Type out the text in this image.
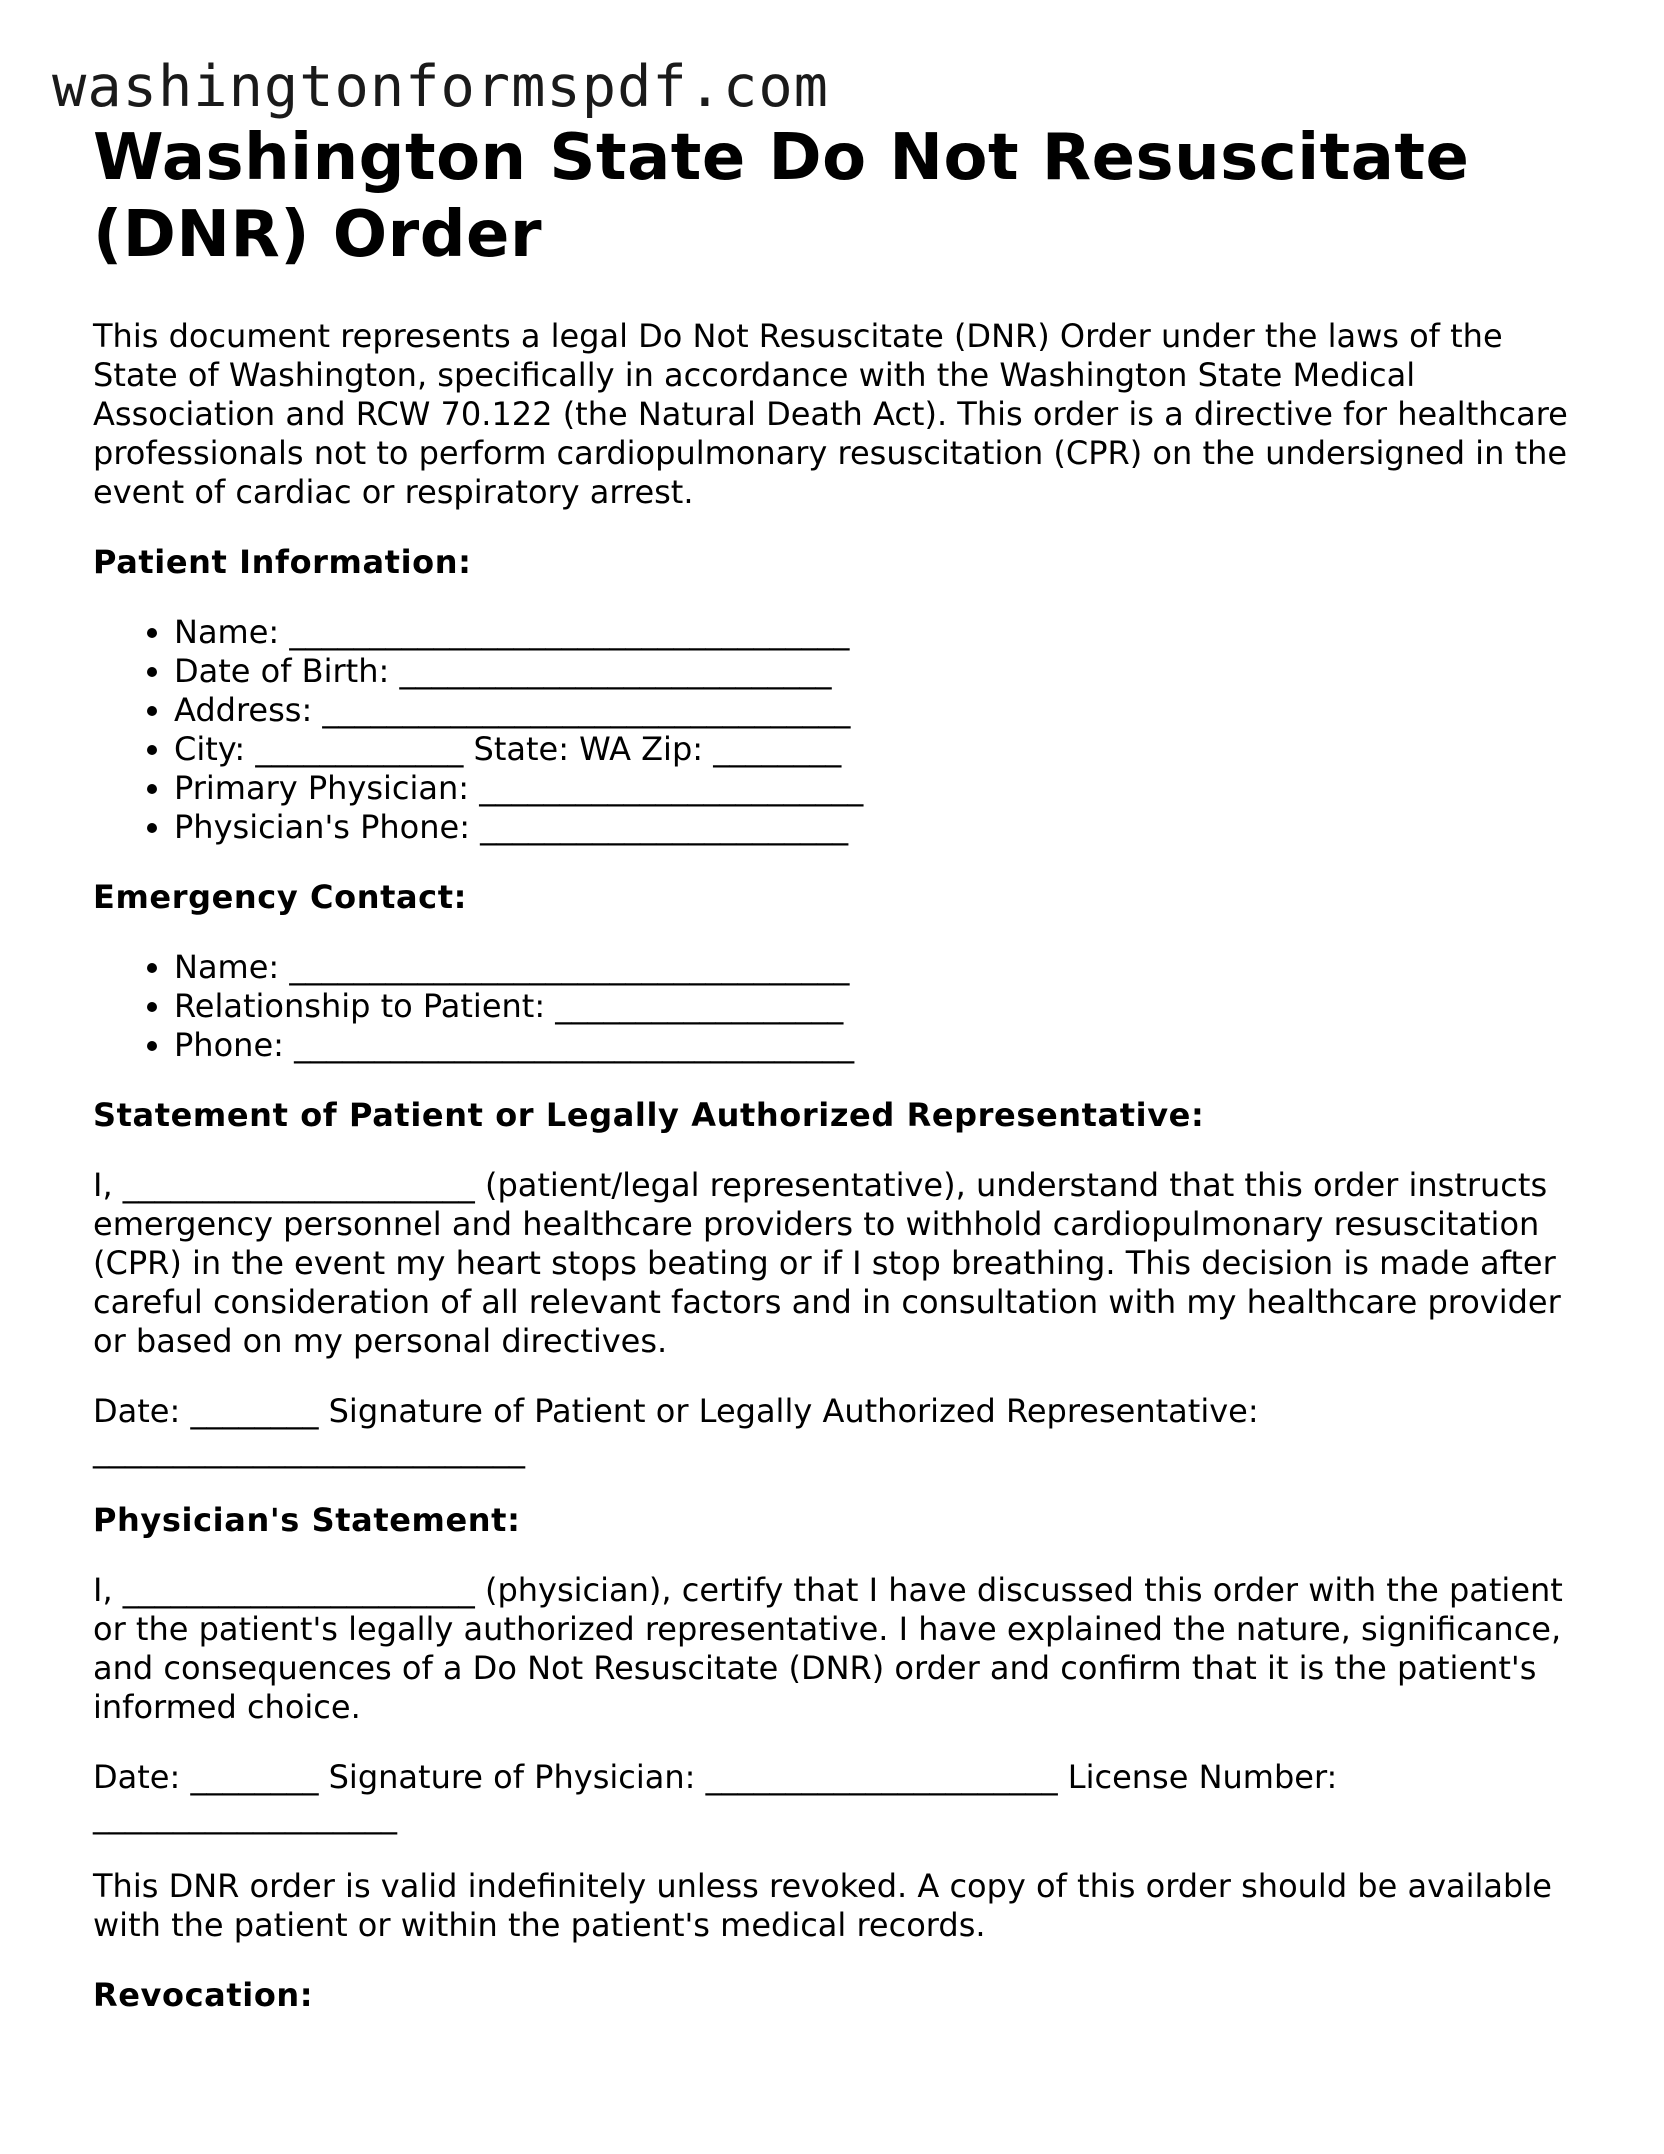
washingtonformspdf.com
Washington State Do Not Resuscitate (DNR) Order

This document represents a legal Do Not Resuscitate (DNR) Order under the laws of the State of Washington, specifically in accordance with the Washington State Medical Association and RCW 70.122 (the Natural Death Act). This order is a directive for healthcare professionals not to perform cardiopulmonary resuscitation (CPR) on the undersigned in the event of cardiac or respiratory arrest.

Patient Information:

• Name: ___________________________________
• Date of Birth: ___________________________
• Address: _________________________________
• City: _____________ State: WA Zip: ________
• Primary Physician: ________________________
• Physician's Phone: _______________________

Emergency Contact:

• Name: ___________________________________
• Relationship to Patient: __________________
• Phone: ___________________________________

Statement of Patient or Legally Authorized Representative:

I, ______________________ (patient/legal representative), understand that this order instructs emergency personnel and healthcare providers to withhold cardiopulmonary resuscitation (CPR) in the event my heart stops beating or if I stop breathing. This decision is made after careful consideration of all relevant factors and in consultation with my healthcare provider or based on my personal directives.

Date: ________ Signature of Patient or Legally Authorized Representative: ___________________________

Physician's Statement:

I, ______________________ (physician), certify that I have discussed this order with the patient or the patient's legally authorized representative. I have explained the nature, significance, and consequences of a Do Not Resuscitate (DNR) order and confirm that it is the patient's informed choice.

Date: ________ Signature of Physician: ______________________ License Number: ___________________

This DNR order is valid indefinitely unless revoked. A copy of this order should be available with the patient or within the patient's medical records.

Revocation:
